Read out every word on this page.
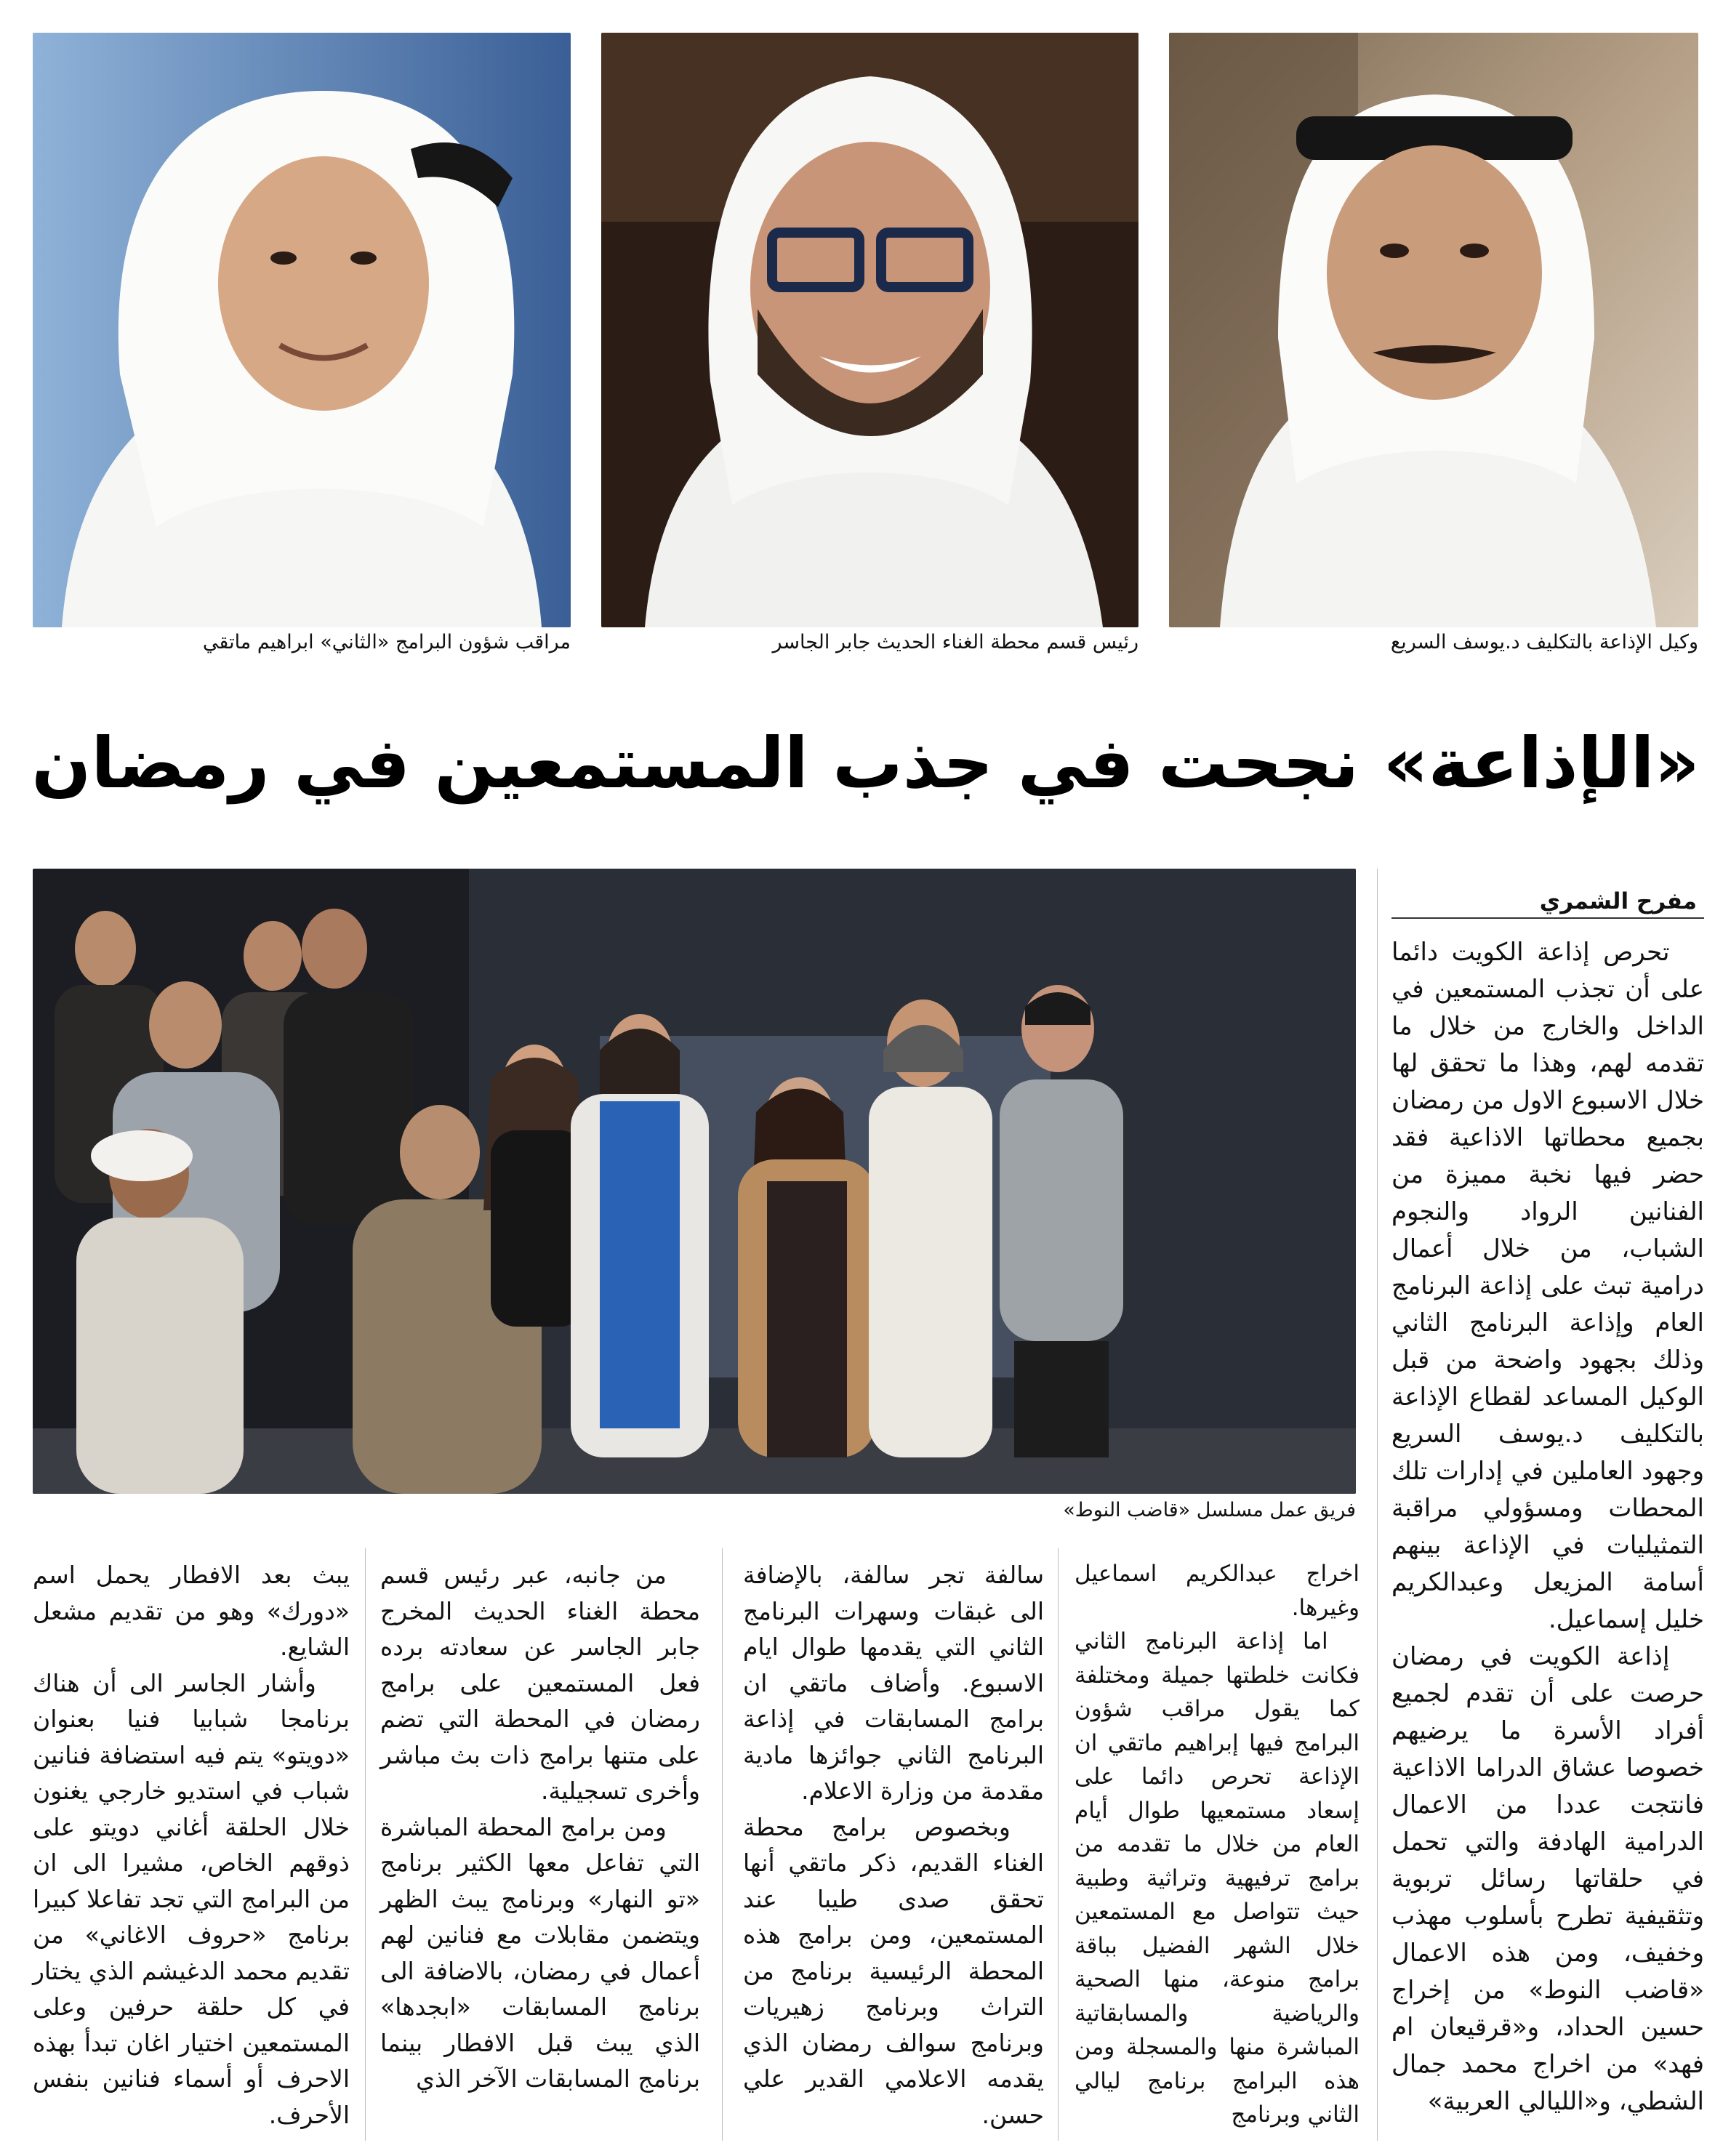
وكيل الإذاعة بالتكليف د.يوسف السريع
رئيس قسم محطة الغناء الحديث جابر الجاسر
مراقب شؤون البرامج «الثاني» ابراهيم ماتقي
«الإذاعة» نجحت في جذب المستمعين في رمضان
فريق عمل مسلسل «قاضب النوط»
مفرح الشمري

تحرص إذاعة الكويت دائما على أن تجذب المستمعين في الداخل والخارج من خلال ما تقدمه لهم، وهذا ما تحقق لها خلال الاسبوع الاول من رمضان بجميع محطاتها الاذاعية فقد حضر فيها نخبة مميزة من الفنانين الرواد والنجوم الشباب، من خلال أعمال درامية تبث على إذاعة البرنامج العام وإذاعة البرنامج الثاني وذلك بجهود واضحة من قبل الوكيل المساعد لقطاع الإذاعة بالتكليف د.يوسف السريع وجهود العاملين في إدارات تلك المحطات ومسؤولي مراقبة التمثيليات في الإذاعة بينهم أسامة المزيعل وعبدالكريم خليل إسماعيل.

إذاعة الكويت في رمضان حرصت على أن تقدم لجميع أفراد الأسرة ما يرضيهم خصوصا عشاق الدراما الاذاعية فانتجت عددا من الاعمال الدرامية الهادفة والتي تحمل في حلقاتها رسائل تربوية وتثقيفية تطرح بأسلوب مهذب وخفيف، ومن هذه الاعمال «قاضب النوط» من إخراج حسين الحداد، و«قرقيعان ام فهد» من اخراج محمد جمال الشطي، و«الليالي العربية»

اخراج عبدالكريم اسماعيل وغيرها.

اما إذاعة البرنامج الثاني فكانت خلطتها جميلة ومختلفة كما يقول مراقب شؤون البرامج فيها إبراهيم ماتقي ان الإذاعة تحرص دائما على إسعاد مستمعيها طوال أيام العام من خلال ما تقدمه من برامج ترفيهية وتراثية وطبية حيث تتواصل مع المستمعين خلال الشهر الفضيل بباقة برامج منوعة، منها الصحية والرياضية والمسابقاتية المباشرة منها والمسجلة ومن هذه البرامج برنامج ليالي الثاني وبرنامج

سالفة تجر سالفة، بالإضافة الى غبقات وسهرات البرنامج الثاني التي يقدمها طوال ايام الاسبوع. وأضاف ماتقي ان برامج المسابقات في إذاعة البرنامج الثاني جوائزها مادية مقدمة من وزارة الاعلام.

وبخصوص برامج محطة الغناء القديم، ذكر ماتقي أنها تحقق صدى طيبا عند المستمعين، ومن برامج هذه المحطة الرئيسية برنامج من التراث وبرنامج زهيريات وبرنامج سوالف رمضان الذي يقدمه الاعلامي القدير علي حسن.

من جانبه، عبر رئيس قسم محطة الغناء الحديث المخرج جابر الجاسر عن سعادته برده فعل المستمعين على برامج رمضان في المحطة التي تضم على متنها برامج ذات بث مباشر وأخرى تسجيلية.

ومن برامج المحطة المباشرة التي تفاعل معها الكثير برنامج «تو النهار» وبرنامج يبث الظهر ويتضمن مقابلات مع فنانين لهم أعمال في رمضان، بالاضافة الى برنامج المسابقات «ابجدها» الذي يبث قبل الافطار بينما برنامج المسابقات الآخر الذي

يبث بعد الافطار يحمل اسم «دورك» وهو من تقديم مشعل الشايع.

وأشار الجاسر الى أن هناك برنامجا شبابيا فنيا بعنوان «دويتو» يتم فيه استضافة فنانين شباب في استديو خارجي يغنون خلال الحلقة أغاني دويتو على ذوقهم الخاص، مشيرا الى ان من البرامج التي تجد تفاعلا كبيرا برنامج «حروف الاغاني» من تقديم محمد الدغيشم الذي يختار في كل حلقة حرفين وعلى المستمعين اختيار اغان تبدأ بهذه الاحرف أو أسماء فنانين بنفس الأحرف.
